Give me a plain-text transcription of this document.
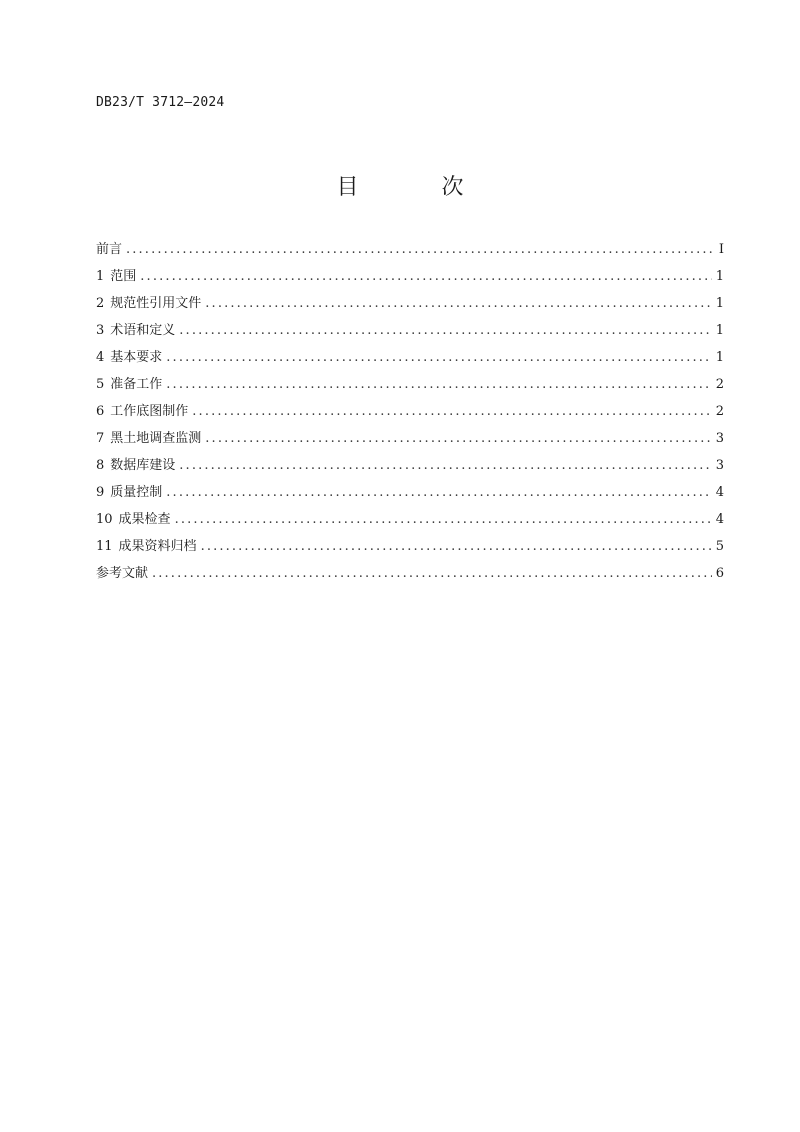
DB23/T 3712—2024
目 次
前言 . . .	I
1 范围 . . .	1
2 规范性引用文件 . . .	1
3 术语和定义 . . .	1
4 基本要求 . . .	1
5 准备工作 . . .	2
6 工作底图制作 . . .	2
7 黑土地调查监测 . . .	3
8 数据库建设 . . .	3
9 质量控制 . . .	4
10 成果检查 . . .	4
11 成果资料归档 . . .	5
参考文献 . . .	6
